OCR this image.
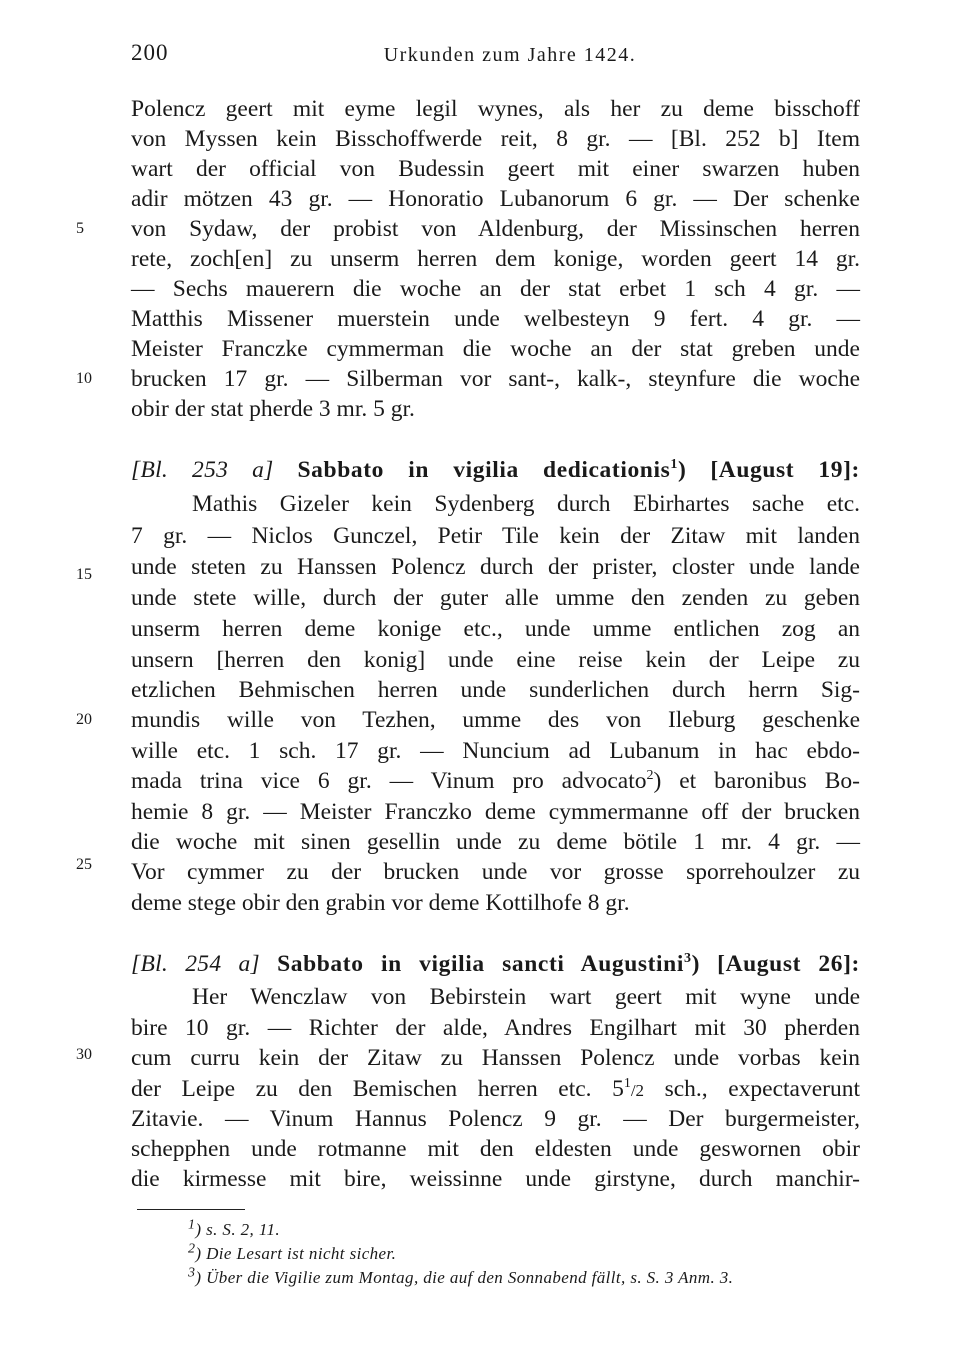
200	Urkunden zum Jahre 1424.
Polencz geert mit eyme legil wynes, als her zu deme bisschoff
von Myssen kein Bisschoffwerde reit, 8 gr. — [Bl. 252 b] Item
wart der official von Budessin geert mit einer swarzen huben
adir mötzen 43 gr. — Honoratio Lubanorum 6 gr. — Der schenke
von Sydaw, der probist von Aldenburg, der Missinschen herren
rete, zoch[en] zu unserm herren dem konige, worden geert 14 gr.
— Sechs mauerern die woche an der stat erbet 1 sch 4 gr. —
Matthis Missener muerstein unde welbesteyn 9 fert. 4 gr. —
Meister Franczke cymmerman die woche an der stat greben unde
brucken 17 gr. — Silberman vor sant-, kalk-, steynfure die woche
obir der stat pherde 3 mr. 5 gr.
5
10
15
20
25
30
[Bl. 253 a] Sabbato in vigilia dedicationis$^1$) [August 19]:
Mathis Gizeler kein Sydenberg durch Ebirhartes sache etc.
7 gr. — Niclos Gunczel, Petir Tile kein der Zitaw mit landen
unde steten zu Hanssen Polencz durch der prister, closter unde lande
unde stete wille, durch der guter alle umme den zenden zu geben
unserm herren deme konige etc., unde umme entlichen zog an
unsern [herren den konig] unde eine reise kein der Leipe zu
etzlichen Behmischen herren unde sunderlichen durch herrn Sig-
mundis wille von Tezhen, umme des von Ileburg geschenke
wille etc. 1 sch. 17 gr. — Nuncium ad Lubanum in hac ebdo-
mada trina vice 6 gr. — Vinum pro advocato$^2$) et baronibus Bo-
hemie 8 gr. — Meister Franczko deme cymmermanne off der brucken
die woche mit sinen gesellin unde zu deme bötile 1 mr. 4 gr. —
Vor cymmer zu der brucken unde vor grosse sporrehoulzer zu
deme stege obir den grabin vor deme Kottilhofe 8 gr.
[Bl. 254 a] Sabbato in vigilia sancti Augustini$^3$) [August 26]:
Her Wenczlaw von Bebirstein wart geert mit wyne unde
bire 10 gr. — Richter der alde, Andres Engilhart mit 30 pherden
cum curru kein der Zitaw zu Hanssen Polencz unde vorbas kein
der Leipe zu den Bemischen herren etc. $5^1/2$ sch., expectaverunt
Zitavie. — Vinum Hannus Polencz 9 gr. — Der burgermeister,
schepphen unde rotmanne mit den eldesten unde geswornen obir
die kirmesse mit bire, weissinne unde girstyne, durch manchir-
$^1$) s. S. 2, 11.
$^2$) Die Lesart ist nicht sicher.
$^3$) Über die Vigilie zum Montag, die auf den Sonnabend fällt, s. S. 3 Anm. 3.
